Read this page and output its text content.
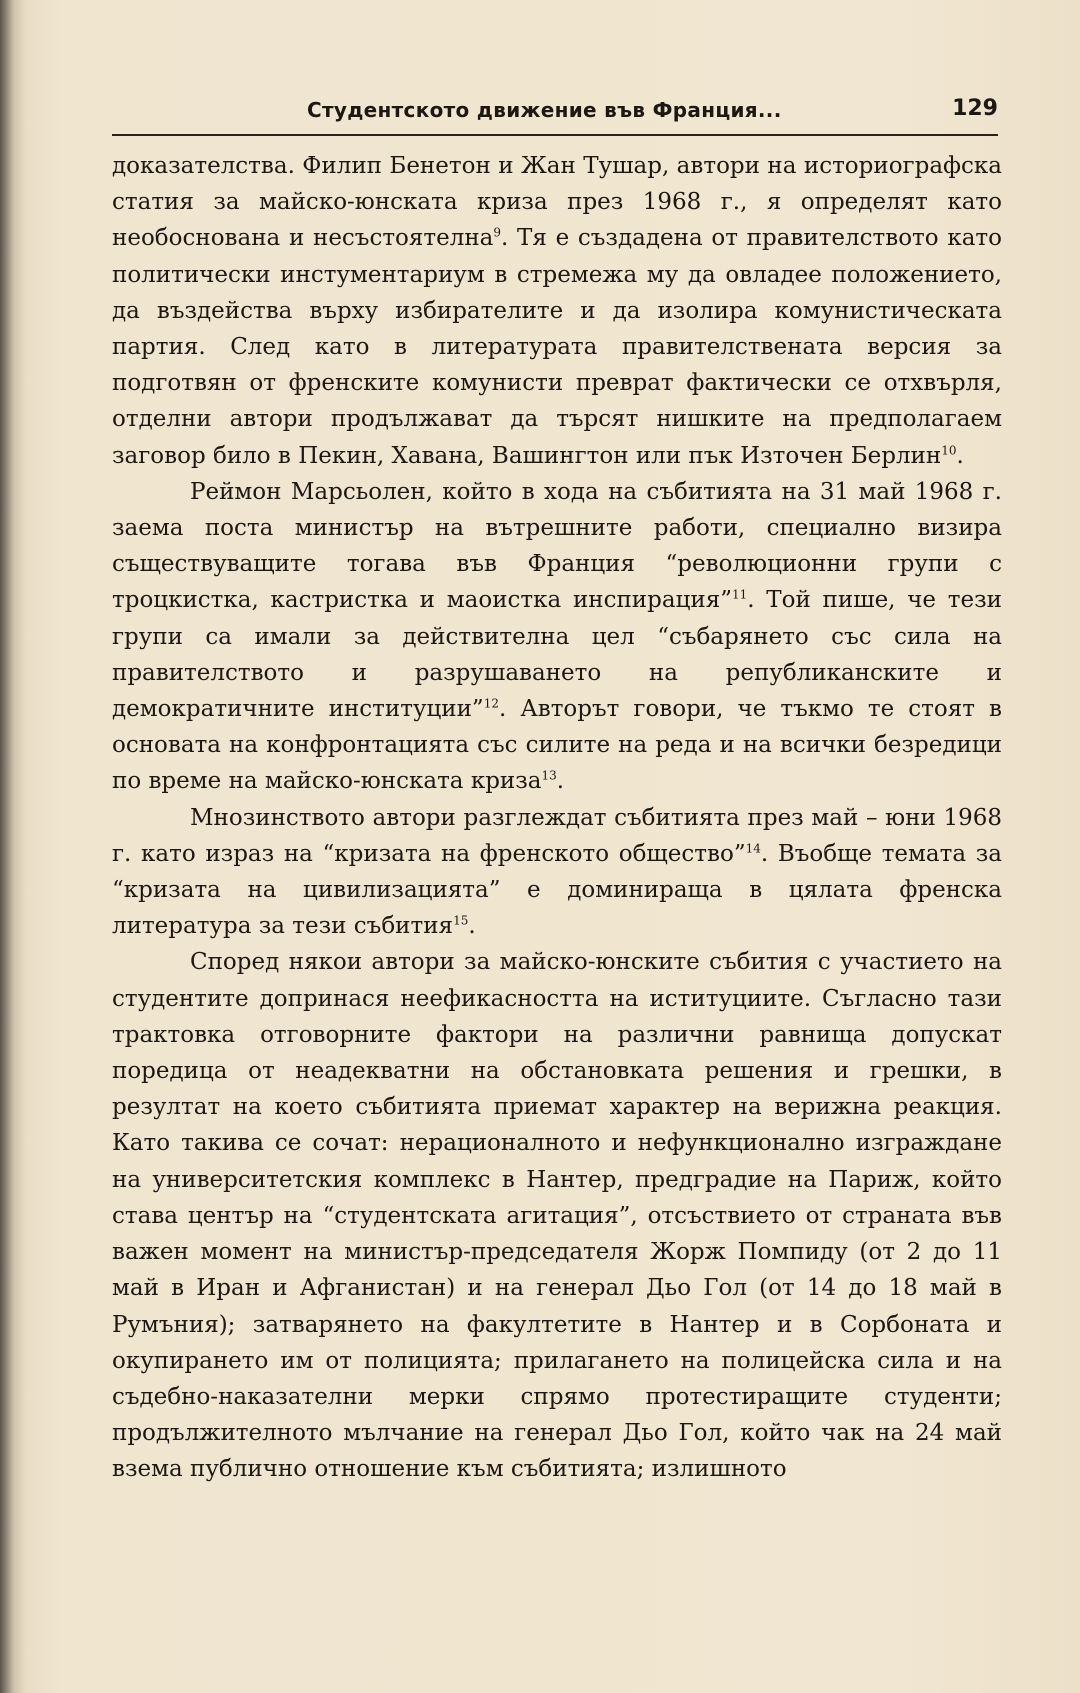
Студентското движение във Франция...	129

доказателства. Филип Бенетон и Жан Тушар, автори на историографска статия за майско-юнската криза през 1968 г., я определят като необоснована и несъстоятелна$^9$. Тя е създадена от правителството като политически инстументариум в стремежа му да овладее положението, да въздейства върху избирателите и да изолира комунистическата партия. След като в литературата правителствената версия за подготвян от френските комунисти преврат фактически се отхвърля, отделни автори продължават да търсят нишките на предполагаем заговор било в Пекин, Хавана, Вашингтон или пък Източен Берлин$^{10}$.

Реймон Марсьолен, който в хода на събитията на 31 май 1968 г. заема поста министър на вътрешните работи, специално визира съществуващите тогава във Франция “революционни групи с троцкистка, кастристка и маоистка инспирация”$^{11}$. Той пише, че тези групи са имали за действителна цел “събарянето със сила на правителството и разрушаването на републиканските и демократичните институции”$^{12}$. Авторът говори, че тъкмо те стоят в основата на конфронтацията със силите на реда и на всички безредици по време на майско-юнската криза$^{13}$.

Мнозинството автори разглеждат събитията през май – юни 1968 г. като израз на “кризата на френското общество”$^{14}$. Въобще темата за “кризата на цивилизацията” е доминираща в цялата френска литература за тези събития$^{15}$.

Според някои автори за майско-юнските събития с участието на студентите допринася неефикасността на иституциите. Съгласно тази трактовка отговорните фактори на различни равнища допускат поредица от неадекватни на обстановката решения и грешки, в резултат на което събитията приемат характер на верижна реакция. Като такива се сочат: нерационалното и нефункционално изграждане на университетския комплекс в Нантер, предградие на Париж, който става център на “студентската агитация”, отсъствието от страната във важен момент на министър-председателя Жорж Помпиду (от 2 до 11 май в Иран и Афганистан) и на генерал Дьо Гол (от 14 до 18 май в Румъния); затварянето на факултетите в Нантер и в Сорбоната и окупирането им от полицията; прилагането на полицейска сила и на съдебно-наказателни мерки спрямо протестиращите студенти; продължителното мълчание на генерал Дьо Гол, който чак на 24 май взема публично отношение към събитията; излишното
